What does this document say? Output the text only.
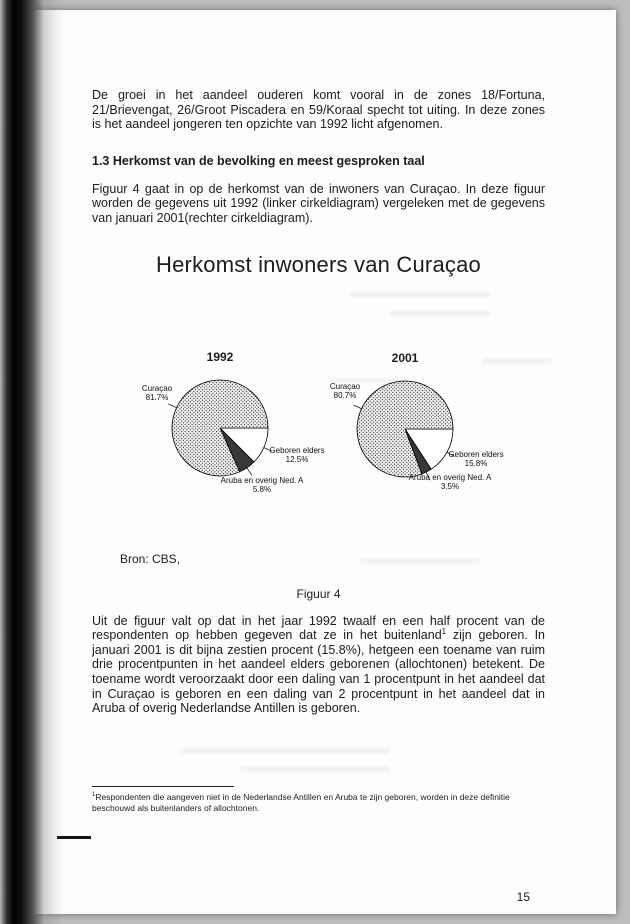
De groei in het aandeel ouderen komt vooral in de zones 18/Fortuna, 21/Brievengat, 26/Groot Piscadera en 59/Koraal specht tot uiting. In deze zones is het aandeel jongeren ten opzichte van 1992 licht afgenomen.

1.3 Herkomst van de bevolking en meest gesproken taal

Figuur 4 gaat in op de herkomst van de inwoners van Curaçao. In deze figuur worden de gegevens uit 1992 (linker cirkeldiagram) vergeleken met de gegevens van januari 2001(rechter cirkeldiagram).

Herkomst inwoners van Curaçao
1992
Curaçao
81.7%
Geboren elders
12.5%
Aruba en overig Ned. A
5.8%
2001
Curaçao
80.7%
Geboren elders
15.8%
Aruba en overig Ned. A
3.5%
Bron: CBS,
Figuur 4

Uit de figuur valt op dat in het jaar 1992 twaalf en een half procent van de respondenten op hebben gegeven dat ze in het buitenland$^1$ zijn geboren. In januari 2001 is dit bijna zestien procent (15.8%), hetgeen een toename van ruim drie procentpunten in het aandeel elders geborenen (allochtonen) betekent. De toename wordt veroorzaakt door een daling van 1 procentpunt in het aandeel dat in Curaçao is geboren en een daling van 2 procentpunt in het aandeel dat in Aruba of overig Nederlandse Antillen is geboren.

$^1$Respondenten die aangeven niet in de Nederlandse Antillen en Aruba te zijn geboren, worden in deze definitie beschouwd als buitenlanders of allochtonen.
15
